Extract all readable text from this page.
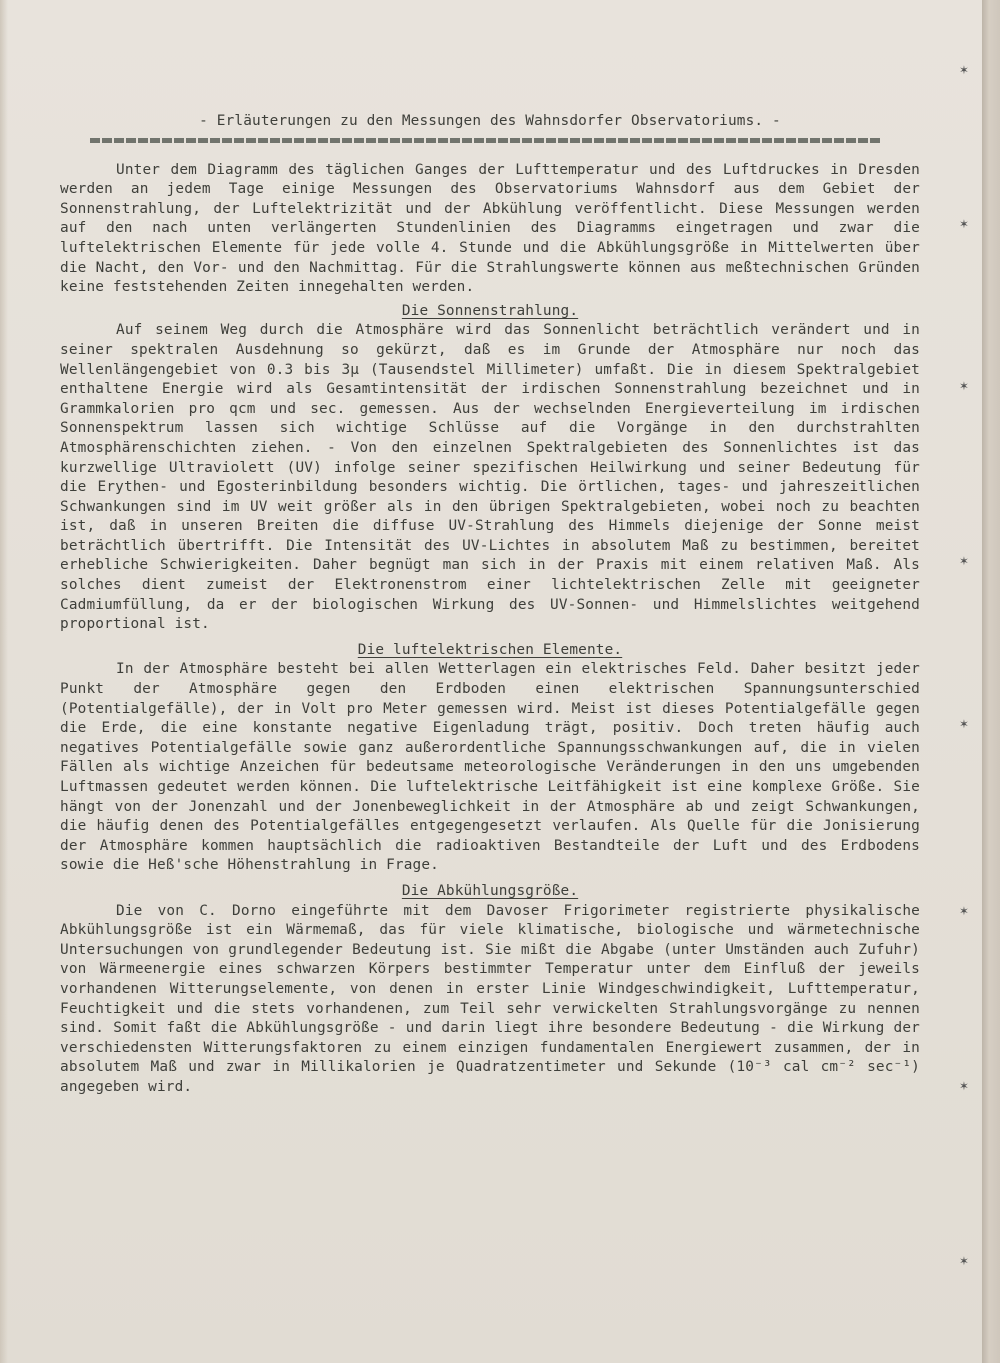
✶
✶
✶
✶
✶
✶
✶
✶

- Erläuterungen zu den Messungen des Wahnsdorfer Observatoriums. -

Unter dem Diagramm des täglichen Ganges der Lufttemperatur und des Luftdruckes in Dresden werden an jedem Tage einige Messungen des Observatoriums Wahnsdorf aus dem Gebiet der Sonnenstrahlung, der Luftelektrizität und der Abkühlung veröffentlicht. Diese Messungen werden auf den nach unten verlängerten Stundenlinien des Diagramms eingetragen und zwar die luftelektrischen Elemente für jede volle 4. Stunde und die Abkühlungsgröße in Mittelwerten über die Nacht, den Vor- und den Nachmittag. Für die Strahlungswerte können aus meßtechnischen Gründen keine feststehenden Zeiten innegehalten werden.

Die Sonnenstrahlung.

Auf seinem Weg durch die Atmosphäre wird das Sonnenlicht beträchtlich verändert und in seiner spektralen Ausdehnung so gekürzt, daß es im Grunde der Atmosphäre nur noch das Wellenlängengebiet von 0.3 bis 3μ (Tausendstel Millimeter) umfaßt. Die in diesem Spektralgebiet enthaltene Energie wird als Gesamtintensität der irdischen Sonnenstrahlung bezeichnet und in Grammkalorien pro qcm und sec. gemessen. Aus der wechselnden Energieverteilung im irdischen Sonnenspektrum lassen sich wichtige Schlüsse auf die Vorgänge in den durchstrahlten Atmosphärenschichten ziehen. - Von den einzelnen Spektralgebieten des Sonnenlichtes ist das kurzwellige Ultraviolett (UV) infolge seiner spezifischen Heilwirkung und seiner Bedeutung für die Erythen- und Egosterinbildung besonders wichtig. Die örtlichen, tages- und jahreszeitlichen Schwankungen sind im UV weit größer als in den übrigen Spektralgebieten, wobei noch zu beachten ist, daß in unseren Breiten die diffuse UV-Strahlung des Himmels diejenige der Sonne meist beträchtlich übertrifft. Die Intensität des UV-Lichtes in absolutem Maß zu bestimmen, bereitet erhebliche Schwierigkeiten. Daher begnügt man sich in der Praxis mit einem relativen Maß. Als solches dient zumeist der Elektronenstrom einer lichtelektrischen Zelle mit geeigneter Cadmiumfüllung, da er der biologischen Wirkung des UV-Sonnen- und Himmelslichtes weitgehend proportional ist.

Die luftelektrischen Elemente.

In der Atmosphäre besteht bei allen Wetterlagen ein elektrisches Feld. Daher besitzt jeder Punkt der Atmosphäre gegen den Erdboden einen elektrischen Spannungsunterschied (Potentialgefälle), der in Volt pro Meter gemessen wird. Meist ist dieses Potentialgefälle gegen die Erde, die eine konstante negative Eigenladung trägt, positiv. Doch treten häufig auch negatives Potentialgefälle sowie ganz außerordentliche Spannungsschwankungen auf, die in vielen Fällen als wichtige Anzeichen für bedeutsame meteorologische Veränderungen in den uns umgebenden Luftmassen gedeutet werden können. Die luftelektrische Leitfähigkeit ist eine komplexe Größe. Sie hängt von der Jonenzahl und der Jonenbeweglichkeit in der Atmosphäre ab und zeigt Schwankungen, die häufig denen des Potentialgefälles entgegengesetzt verlaufen. Als Quelle für die Jonisierung der Atmosphäre kommen hauptsächlich die radioaktiven Bestandteile der Luft und des Erdbodens sowie die Heß'sche Höhenstrahlung in Frage.

Die Abkühlungsgröße.

Die von C. Dorno eingeführte mit dem Davoser Frigorimeter registrierte physikalische Abkühlungsgröße ist ein Wärmemaß, das für viele klimatische, biologische und wärmetechnische Untersuchungen von grundlegender Bedeutung ist. Sie mißt die Abgabe (unter Umständen auch Zufuhr) von Wärmeenergie eines schwarzen Körpers bestimmter Temperatur unter dem Einfluß der jeweils vorhandenen Witterungselemente, von denen in erster Linie Windgeschwindigkeit, Lufttemperatur, Feuchtigkeit und die stets vorhandenen, zum Teil sehr verwickelten Strahlungsvorgänge zu nennen sind. Somit faßt die Abkühlungsgröße - und darin liegt ihre besondere Bedeutung - die Wirkung der verschiedensten Witterungsfaktoren zu einem einzigen fundamentalen Energiewert zusammen, der in absolutem Maß und zwar in Millikalorien je Quadratzentimeter und Sekunde (10⁻³ cal cm⁻² sec⁻¹) angegeben wird.
